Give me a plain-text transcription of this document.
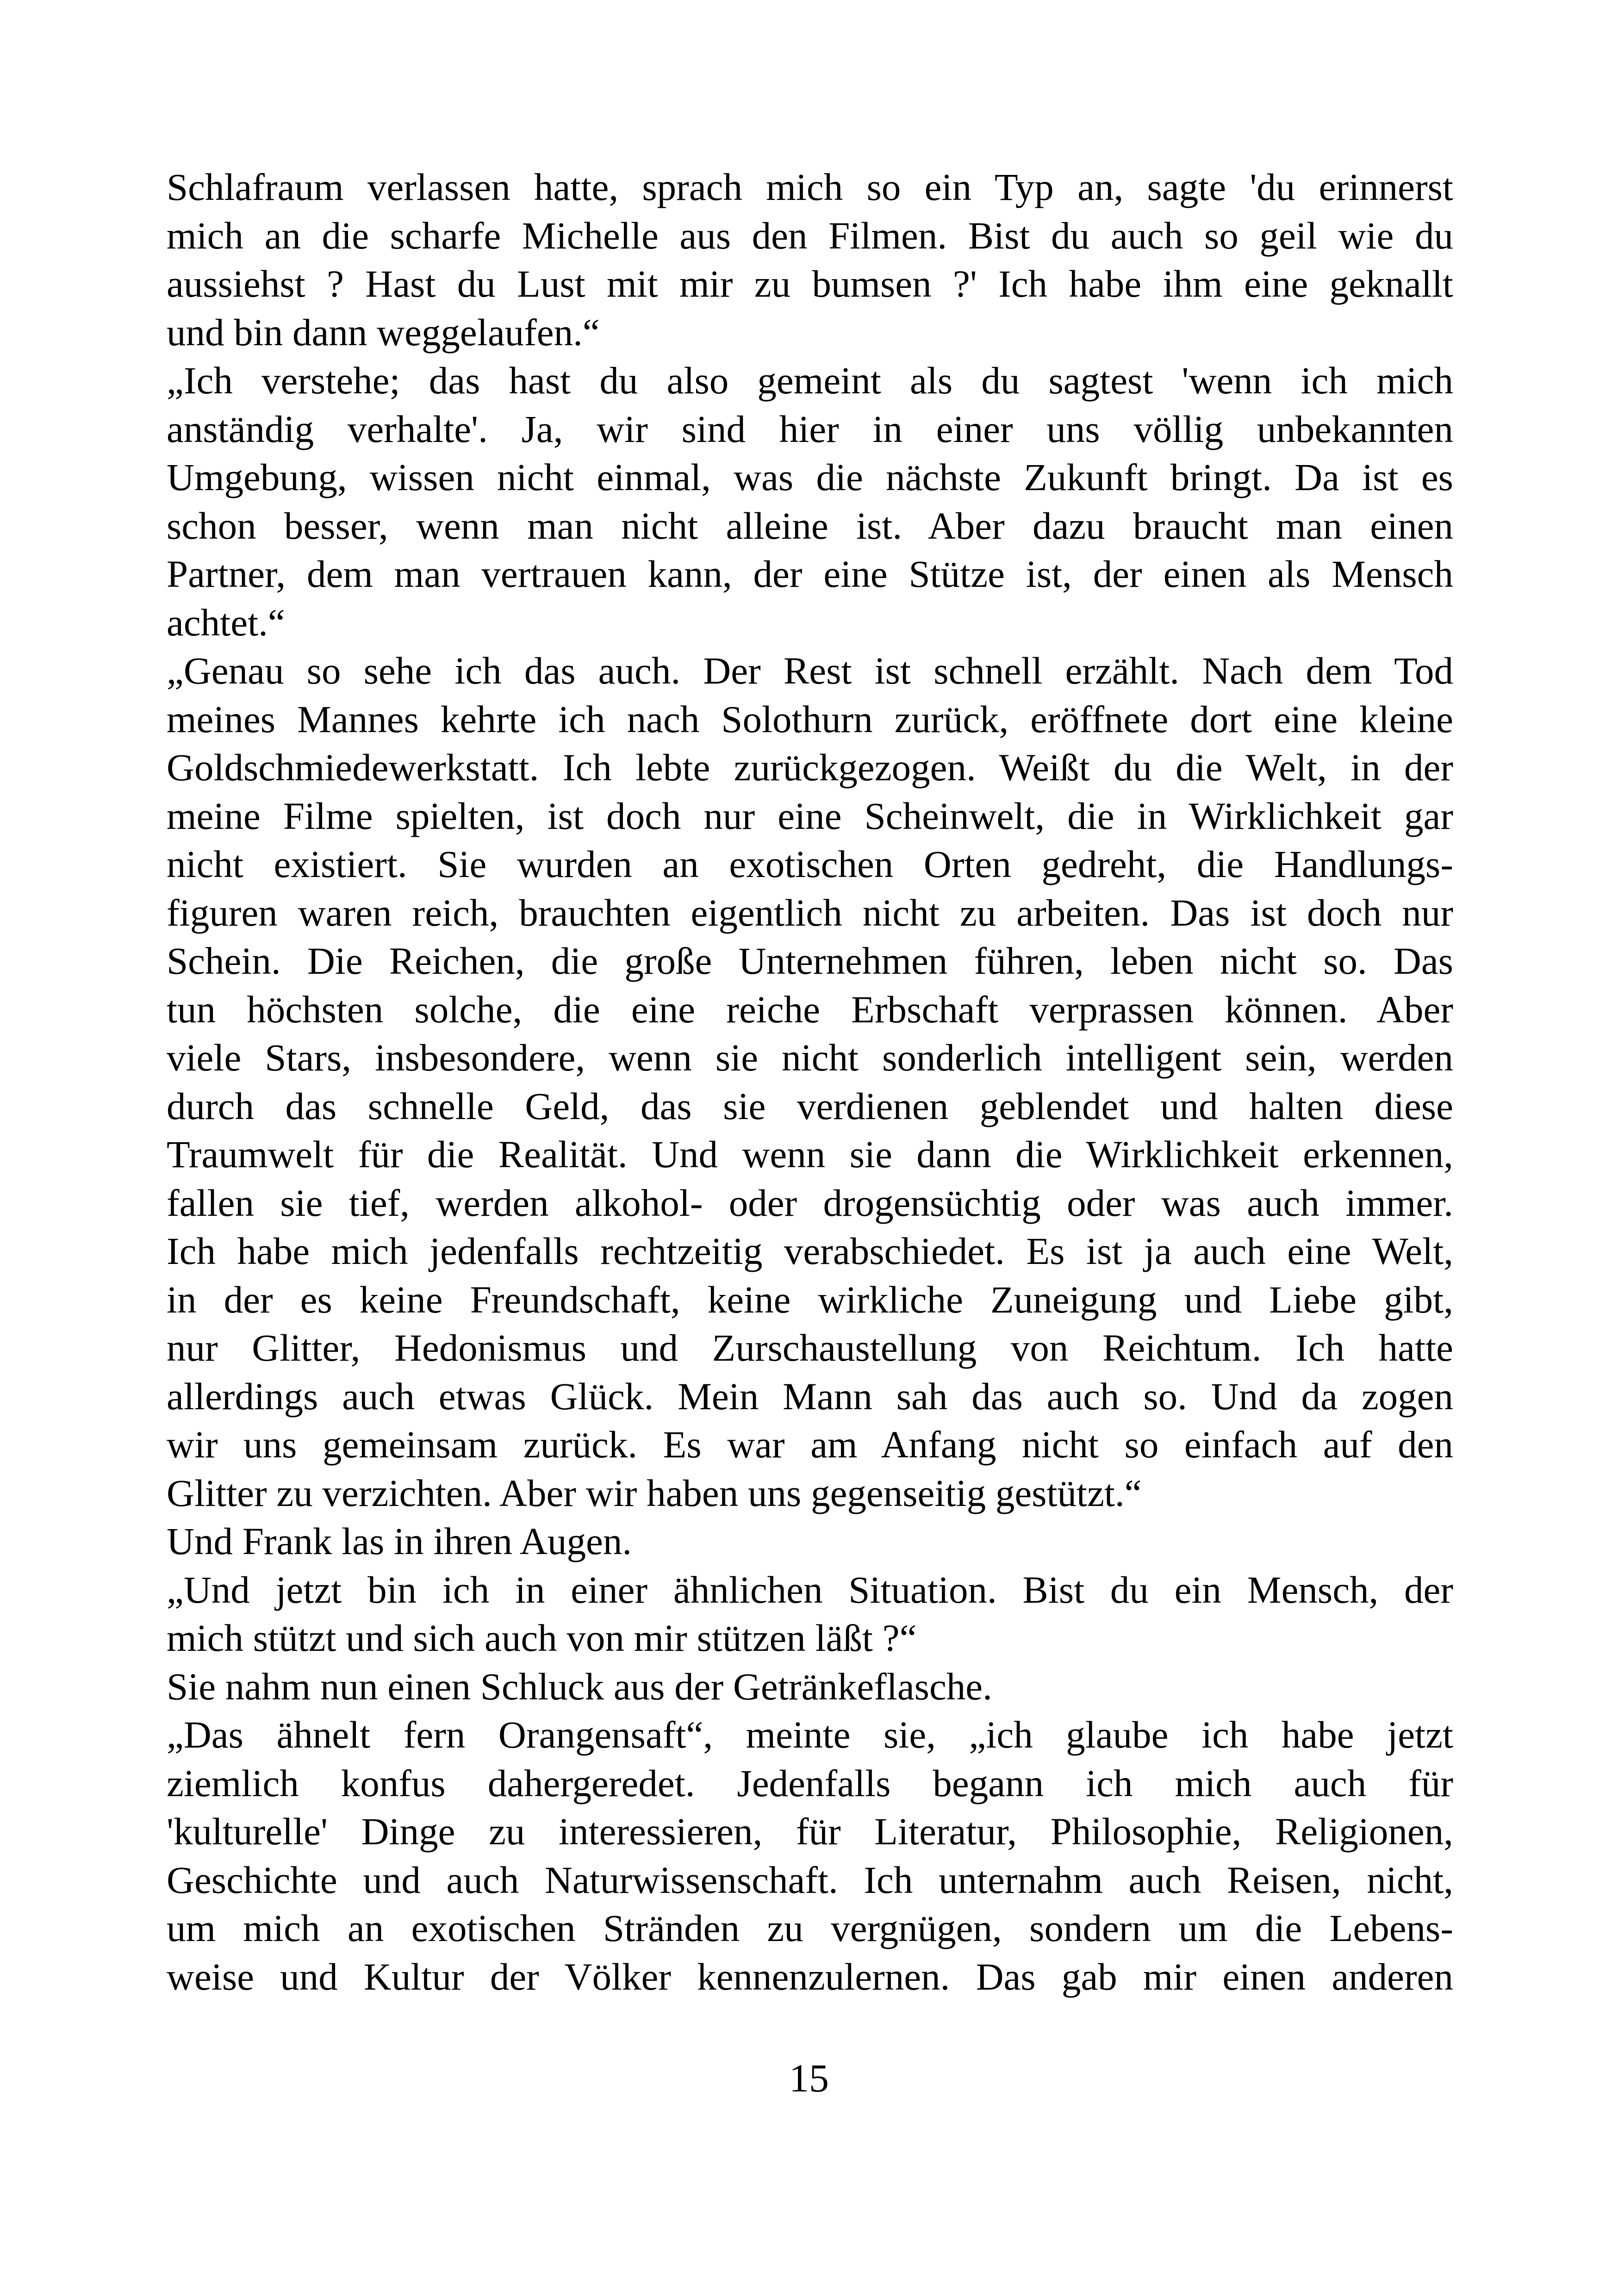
Schlafraum verlassen hatte, sprach mich so ein Typ an, sagte 'du erinnerst
mich an die scharfe Michelle aus den Filmen. Bist du auch so geil wie du
aussiehst ? Hast du Lust mit mir zu bumsen ?' Ich habe ihm eine geknallt
und bin dann weggelaufen.“
„Ich verstehe; das hast du also gemeint als du sagtest 'wenn ich mich
anständig verhalte'. Ja, wir sind hier in einer uns völlig unbekannten
Umgebung, wissen nicht einmal, was die nächste Zukunft bringt. Da ist es
schon besser, wenn man nicht alleine ist. Aber dazu braucht man einen
Partner, dem man vertrauen kann, der eine Stütze ist, der einen als Mensch
achtet.“
„Genau so sehe ich das auch. Der Rest ist schnell erzählt. Nach dem Tod
meines Mannes kehrte ich nach Solothurn zurück, eröffnete dort eine kleine
Goldschmiedewerkstatt. Ich lebte zurückgezogen. Weißt du die Welt, in der
meine Filme spielten, ist doch nur eine Scheinwelt, die in Wirklichkeit gar
nicht existiert. Sie wurden an exotischen Orten gedreht, die Handlungs-
figuren waren reich, brauchten eigentlich nicht zu arbeiten. Das ist doch nur
Schein. Die Reichen, die große Unternehmen führen, leben nicht so. Das
tun höchsten solche, die eine reiche Erbschaft verprassen können. Aber
viele Stars, insbesondere, wenn sie nicht sonderlich intelligent sein, werden
durch das schnelle Geld, das sie verdienen geblendet und halten diese
Traumwelt für die Realität. Und wenn sie dann die Wirklichkeit erkennen,
fallen sie tief, werden alkohol- oder drogensüchtig oder was auch immer.
Ich habe mich jedenfalls rechtzeitig verabschiedet. Es ist ja auch eine Welt,
in der es keine Freundschaft, keine wirkliche Zuneigung und Liebe gibt,
nur Glitter, Hedonismus und Zurschaustellung von Reichtum. Ich hatte
allerdings auch etwas Glück. Mein Mann sah das auch so. Und da zogen
wir uns gemeinsam zurück. Es war am Anfang nicht so einfach auf den
Glitter zu verzichten. Aber wir haben uns gegenseitig gestützt.“
Und Frank las in ihren Augen.
„Und jetzt bin ich in einer ähnlichen Situation. Bist du ein Mensch, der
mich stützt und sich auch von mir stützen läßt ?“
Sie nahm nun einen Schluck aus der Getränkeflasche.
„Das ähnelt fern Orangensaft“, meinte sie, „ich glaube ich habe jetzt
ziemlich konfus dahergeredet. Jedenfalls begann ich mich auch für
'kulturelle' Dinge zu interessieren, für Literatur, Philosophie, Religionen,
Geschichte und auch Naturwissenschaft. Ich unternahm auch Reisen, nicht,
um mich an exotischen Stränden zu vergnügen, sondern um die Lebens-
weise und Kultur der Völker kennenzulernen. Das gab mir einen anderen
15
